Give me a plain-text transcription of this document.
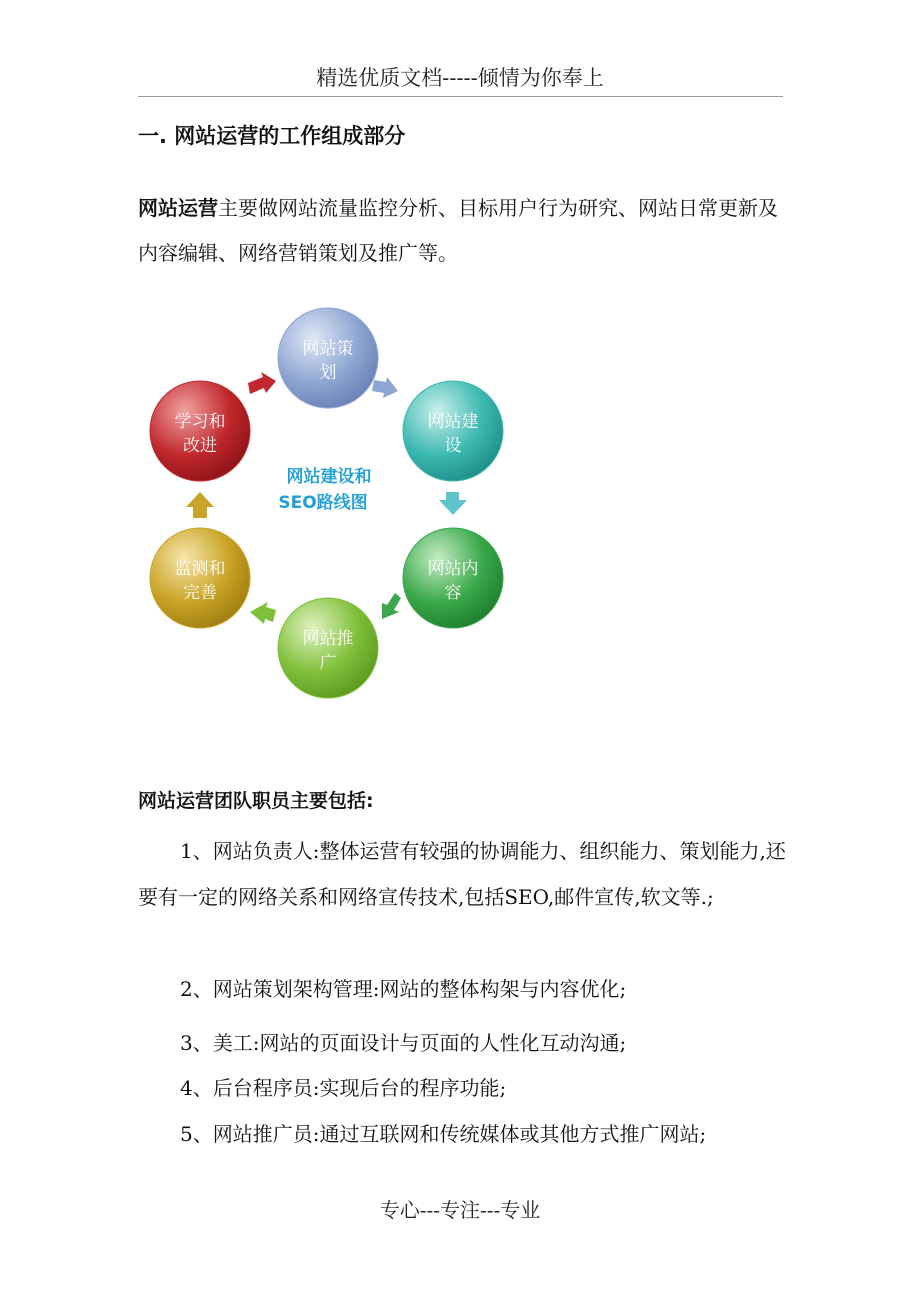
精选优质文档-----倾情为你奉上
一. 网站运营的工作组成部分
网站运营主要做网站流量监控分析、目标用户行为研究、网站日常更新及内容编辑、网络营销策划及推广等。
网站策
划
网站建
设
网站内
容
网站推
广
监测和
完善
学习和
改进
网站建设和
SEO路线图
网站运营团队职员主要包括:
1、网站负责人:整体运营有较强的协调能力、组织能力、策划能力,还要有一定的网络关系和网络宣传技术,包括SEO,邮件宣传,软文等.;
2、网站策划架构管理:网站的整体构架与内容优化;
3、美工:网站的页面设计与页面的人性化互动沟通;
4、后台程序员:实现后台的程序功能;
5、网站推广员:通过互联网和传统媒体或其他方式推广网站;
专心---专注---专业
